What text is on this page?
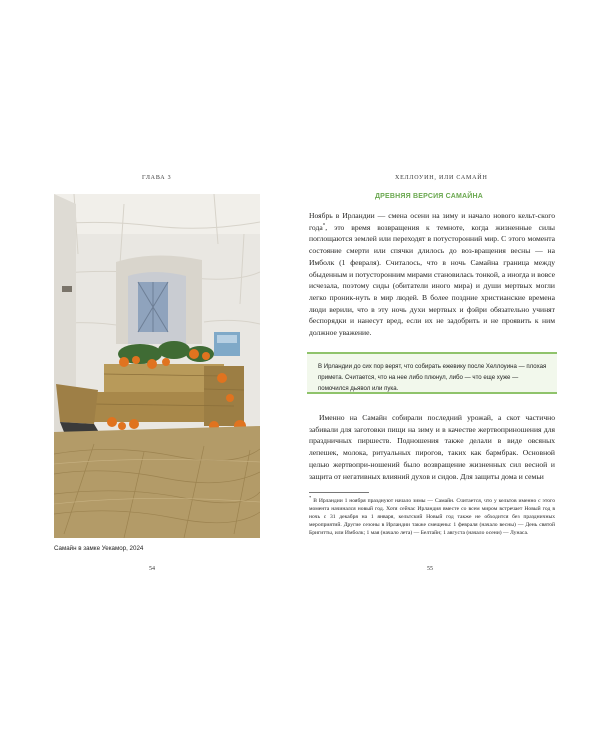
ГЛАВА 3
Самайн в замке Уекамор, 2024
54
ХЕЛЛОУИН, ИЛИ САМАЙН
ДРЕВНЯЯ ВЕРСИЯ САМАЙНА

Ноябрь в Ирландии — смена осени на зиму и начало нового кельт-ского года*, это время возвращения к темноте, когда жизненные силы поглощаются землей или переходят в потусторонний мир. С этого момента состояние смерти или спячки длилось до воз-вращения весны — на Имболк (1 февраля). Считалось, что в ночь Самайна граница между обыденным и потусторонним мирами становилась тонкой, а иногда и вовсе исчезала, поэтому сиды (обитатели иного мира) и души мертвых могли легко проник-нуть в мир людей. В более поздние христианские времена люди верили, что в эту ночь духи мертвых и фэйри обязательно учинят беспорядки и нанесут вред, если их не задобрить и не проявить к ним должное уважение.

В Ирландии до сих пор верят, что собирать ежевику после Хеллоуина — плохая примета. Считается, что на нее либо плюнул, либо — что еще хуже — помочился дьявол или пука.

Именно на Самайн собирали последний урожай, а скот частично забивали для заготовки пищи на зиму и в качестве жертвоприношения для праздничных пиршеств. Подношения также делали в виде овсяных лепешек, молока, ритуальных пирогов, таких как бармбрак. Основной целью жертвопри-ношений было возвращение жизненных сил весной и защита от негативных влияний духов и сидов. Для защиты дома и семьи

*В Ирландии 1 ноября празднуют начало зимы — Самайн. Считается, что у кельтов именно с этого момента начинался новый год. Хотя сейчас Ирландия вместе со всем миром встречает Новый год в ночь с 31 декабря на 1 января, кельтский Новый год также не обходится без праздничных мероприятий. Другие сезоны в Ирландии также смещены: 1 февраля (начало весны) — День святой Бригитты, или Имболк; 1 мая (начало лета) — Белтайн; 1 августа (начало осени) — Лунаса.
55
